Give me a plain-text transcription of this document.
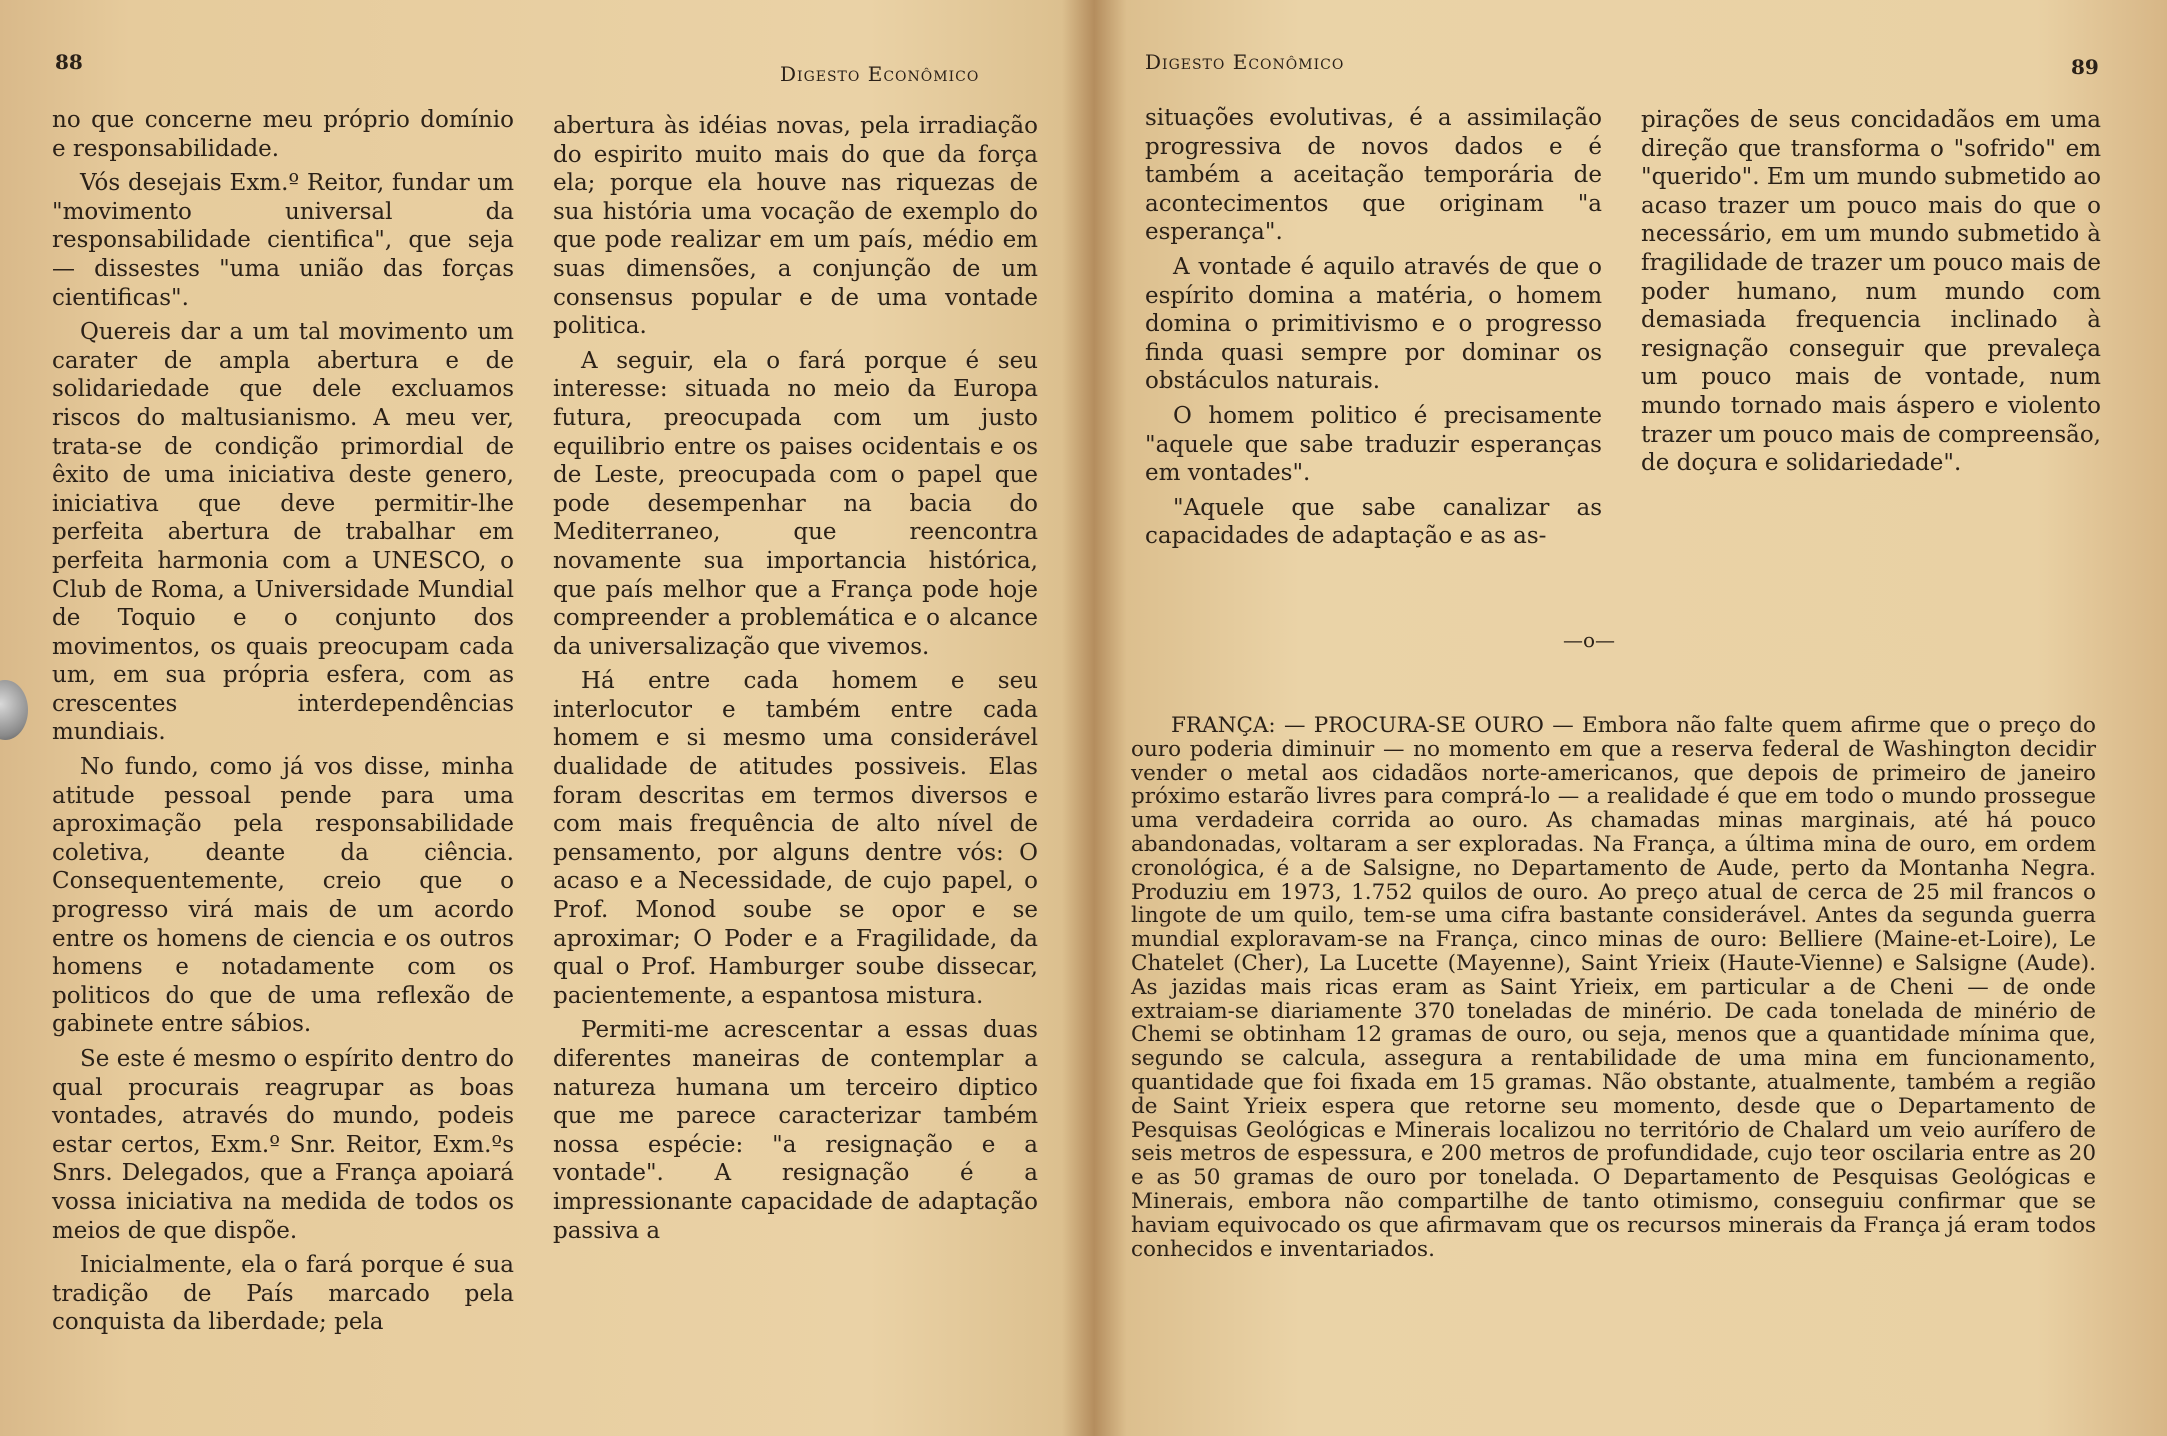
88	Digesto Econômico

no que concerne meu próprio domínio e responsabilidade.

Vós desejais Exm.º Reitor, fundar um "movimento universal da responsabilidade cientifica", que seja — dissestes "uma união das forças cientificas".

Quereis dar a um tal movimento um carater de ampla abertura e de solidariedade que dele excluamos riscos do maltusianismo. A meu ver, trata-se de condição primordial de êxito de uma iniciativa deste genero, iniciativa que deve permitir-lhe perfeita abertura de trabalhar em perfeita harmonia com a UNESCO, o Club de Roma, a Universidade Mundial de Toquio e o conjunto dos movimentos, os quais preocupam cada um, em sua própria esfera, com as crescentes interdependências mundiais.

No fundo, como já vos disse, minha atitude pessoal pende para uma aproximação pela responsabilidade coletiva, deante da ciência. Consequentemente, creio que o progresso virá mais de um acordo entre os homens de ciencia e os outros homens e notadamente com os politicos do que de uma reflexão de gabinete entre sábios.

Se este é mesmo o espírito dentro do qual procurais reagrupar as boas vontades, através do mundo, podeis estar certos, Exm.º Snr. Reitor, Exm.ºs Snrs. Delegados, que a França apoiará vossa iniciativa na medida de todos os meios de que dispõe.

Inicialmente, ela o fará porque é sua tradição de País marcado pela conquista da liberdade; pela

abertura às idéias novas, pela irradiação do espirito muito mais do que da força ela; porque ela houve nas riquezas de sua história uma vocação de exemplo do que pode realizar em um país, médio em suas dimensões, a conjunção de um consensus popular e de uma vontade politica.

A seguir, ela o fará porque é seu interesse: situada no meio da Europa futura, preocupada com um justo equilibrio entre os paises ocidentais e os de Leste, preocupada com o papel que pode desempenhar na bacia do Mediterraneo, que reencontra novamente sua importancia histórica, que país melhor que a França pode hoje compreender a problemática e o alcance da universalização que vivemos.

Há entre cada homem e seu interlocutor e também entre cada homem e si mesmo uma considerável dualidade de atitudes possiveis. Elas foram descritas em termos diversos e com mais frequência de alto nível de pensamento, por alguns dentre vós: O acaso e a Necessidade, de cujo papel, o Prof. Monod soube se opor e se aproximar; O Poder e a Fragilidade, da qual o Prof. Hamburger soube dissecar, pacientemente, a espantosa mistura.

Permiti-me acrescentar a essas duas diferentes maneiras de contemplar a natureza humana um terceiro diptico que me parece caracterizar também nossa espécie: "a resignação e a vontade". A resignação é a impressionante capacidade de adaptação passiva a

Digesto Econômico	89

situações evolutivas, é a assimilação progressiva de novos dados e é também a aceitação temporária de acontecimentos que originam "a esperança".

A vontade é aquilo através de que o espírito domina a matéria, o homem domina o primitivismo e o progresso finda quasi sempre por dominar os obstáculos naturais.

O homem politico é precisamente "aquele que sabe traduzir esperanças em vontades".

"Aquele que sabe canalizar as capacidades de adaptação e as as-

pirações de seus concidadãos em uma direção que transforma o "sofrido" em "querido". Em um mundo submetido ao acaso trazer um pouco mais do que o necessário, em um mundo submetido à fragilidade de trazer um pouco mais de poder humano, num mundo com demasiada frequencia inclinado à resignação conseguir que prevaleça um pouco mais de vontade, num mundo tornado mais áspero e violento trazer um pouco mais de compreensão, de doçura e solidariedade".

—o—

FRANÇA: — PROCURA-SE OURO — Embora não falte quem afirme que o preço do ouro poderia diminuir — no momento em que a reserva federal de Washington decidir vender o metal aos cidadãos norte-americanos, que depois de primeiro de janeiro próximo estarão livres para comprá-lo — a realidade é que em todo o mundo prossegue uma verdadeira corrida ao ouro. As chamadas minas marginais, até há pouco abandonadas, voltaram a ser exploradas. Na França, a última mina de ouro, em ordem cronológica, é a de Salsigne, no Departamento de Aude, perto da Montanha Negra. Produziu em 1973, 1.752 quilos de ouro. Ao preço atual de cerca de 25 mil francos o lingote de um quilo, tem-se uma cifra bastante considerável. Antes da segunda guerra mundial exploravam-se na França, cinco minas de ouro: Belliere (Maine-et-Loire), Le Chatelet (Cher), La Lucette (Mayenne), Saint Yrieix (Haute-Vienne) e Salsigne (Aude). As jazidas mais ricas eram as Saint Yrieix, em particular a de Cheni — de onde extraiam-se diariamente 370 toneladas de minério. De cada tonelada de minério de Chemi se obtinham 12 gramas de ouro, ou seja, menos que a quantidade mínima que, segundo se calcula, assegura a rentabilidade de uma mina em funcionamento, quantidade que foi fixada em 15 gramas. Não obstante, atualmente, também a região de Saint Yrieix espera que retorne seu momento, desde que o Departamento de Pesquisas Geológicas e Minerais localizou no território de Chalard um veio aurífero de seis metros de espessura, e 200 metros de profundidade, cujo teor oscilaria entre as 20 e as 50 gramas de ouro por tonelada. O Departamento de Pesquisas Geológicas e Minerais, embora não compartilhe de tanto otimismo, conseguiu confirmar que se haviam equivocado os que afirmavam que os recursos minerais da França já eram todos conhecidos e inventariados.
